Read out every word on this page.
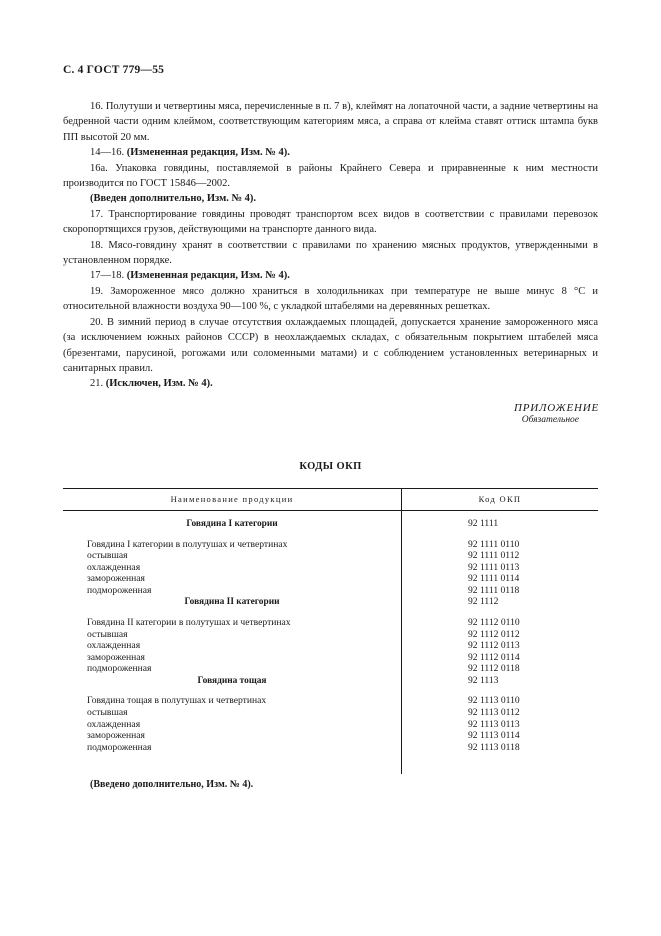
С. 4 ГОСТ 779—55

16. Полутуши и четвертины мяса, перечисленные в п. 7 в), клеймят на лопаточной части, а задние четвертины на бедренной части одним клеймом, соответствующим категориям мяса, а справа от клейма ставят оттиск штампа букв ПП высотой 20 мм.

14—16. (Измененная редакция, Изм. № 4).

16а. Упаковка говядины, поставляемой в районы Крайнего Севера и приравненные к ним местности производится по ГОСТ 15846—2002.

(Введен дополнительно, Изм. № 4).

17. Транспортирование говядины проводят транспортом всех видов в соответствии с правилами перевозок скоропортящихся грузов, действующими на транспорте данного вида.

18. Мясо-говядину хранят в соответствии с правилами по хранению мясных продуктов, утвержденными в установленном порядке.

17—18. (Измененная редакция, Изм. № 4).

19. Замороженное мясо должно храниться в холодильниках при температуре не выше минус 8 °С и относительной влажности воздуха 90—100 %, с укладкой штабелями на деревянных решетках.

20. В зимний период в случае отсутствия охлаждаемых площадей, допускается хранение замороженного мяса (за исключением южных районов СССР) в неохлаждаемых складах, с обязательным покрытием штабелей мяса (брезентами, парусиной, рогожами или соломенными матами) и с соблюдением установленных ветеринарных и санитарных правил.

21. (Исключен, Изм. № 4).

ПРИЛОЖЕНИЕ
Обязательное
КОДЫ ОКП
Наименование продукции	Код ОКП
Говядина I категории	92 1111
Говядина I категории в полутушах и четвертинах	92 1111 0110
остывшая	92 1111 0112
охлажденная	92 1111 0113
замороженная	92 1111 0114
подмороженная	92 1111 0118
Говядина II категории	92 1112
Говядина II категории в полутушах и четвертинах	92 1112 0110
остывшая	92 1112 0112
охлажденная	92 1112 0113
замороженная	92 1112 0114
подмороженная	92 1112 0118
Говядина тощая	92 1113
Говядина тощая в полутушах и четвертинах	92 1113 0110
остывшая	92 1113 0112
охлажденная	92 1113 0113
замороженная	92 1113 0114
подмороженная	92 1113 0118
(Введено дополнительно, Изм. № 4).
